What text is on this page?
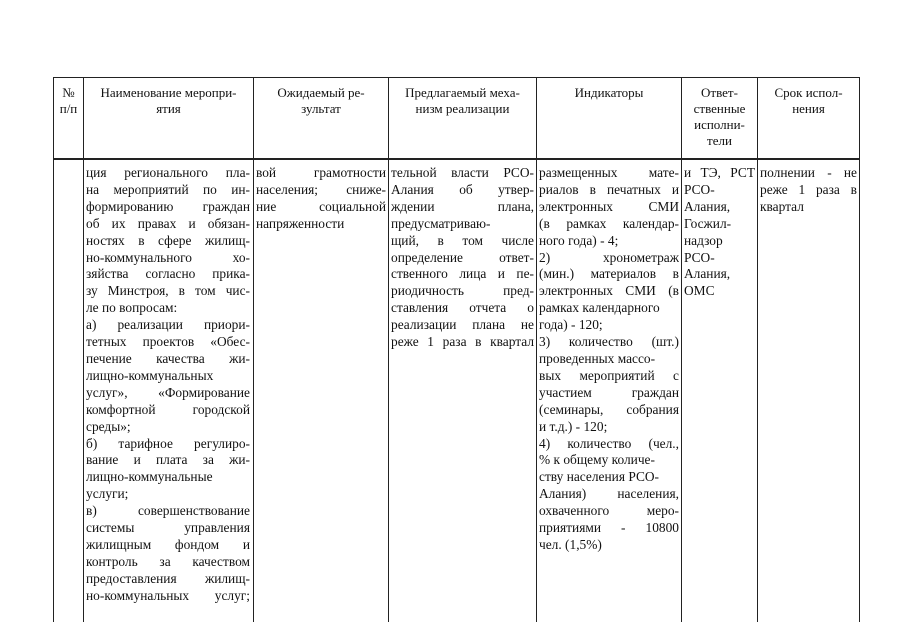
№
п/п
Наименование меропри-
ятия
Ожидаемый ре-
зультат
Предлагаемый меха-
низм реализации
Индикаторы	Ответ-
ственные
исполни-
тели
Срок испол-
нения
ция регионального пла-
на мероприятий по ин-
формированию граждан
об их правах и обязан-
ностях в сфере жилищ-
но-коммунального хо-
зяйства согласно прика-
зу Минстроя, в том чис-
ле по вопросам:
а) реализации приори-
тетных проектов «Обес-
печение качества жи-
лищно-коммунальных
услуг», «Формирование
комфортной городской
среды»;
б) тарифное регулиро-
вание и плата за жи-
лищно-коммунальные
услуги;
в) совершенствование
системы управления
жилищным фондом и
контроль за качеством
предоставления жилищ-
но-коммунальных услуг;
вой грамотности
населения; сниже-
ние социальной
напряженности
тельной власти РСО-
Алания об утвер-
ждении плана,
предусматриваю-
щий, в том числе
определение ответ-
ственного лица и пе-
риодичность пред-
ставления отчета о
реализации плана не
реже 1 раза в квартал
размещенных мате-
риалов в печатных и
электронных СМИ
(в рамках календар-
ного года) - 4;
2) хронометраж
(мин.) материалов в
электронных СМИ (в
рамках календарного
года) - 120;
3) количество (шт.)
проведенных массо-
вых мероприятий с
участием граждан
(семинары, собрания
и т.д.) - 120;
4) количество (чел.,
% к общему количе-
ству населения РСО-
Алания) населения,
охваченного меро-
приятиями - 10800
чел. (1,5%)
и ТЭ, РСТ
РСО-
Алания,
Госжил-
надзор
РСО-
Алания,
ОМС
полнении - не
реже 1 раза в
квартал
